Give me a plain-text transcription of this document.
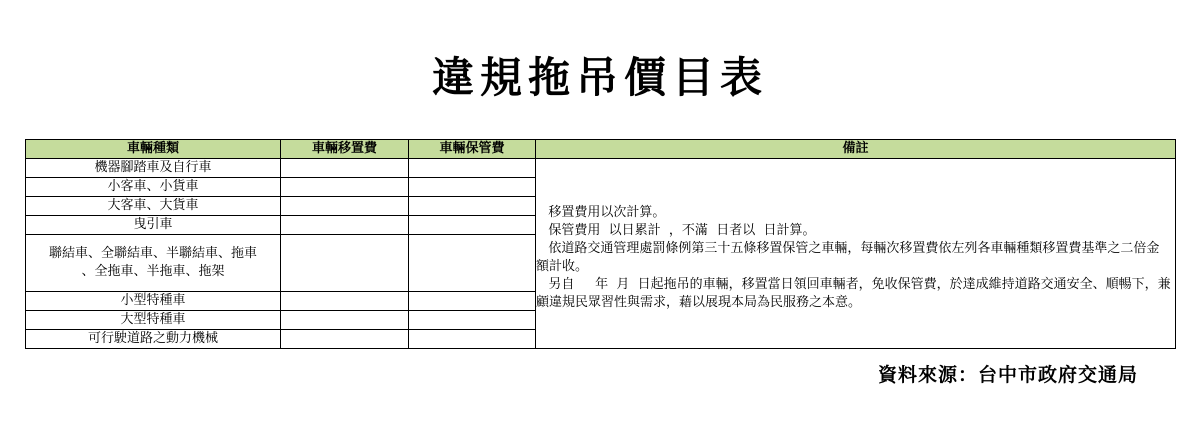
違規拖吊價目表
車輛種類	車輛移置費	車輛保管費	備註
機器腳踏車及自行車			移置費用以次計算。
保管費用  以日累計  ，不滿  日者以  日計算。
依道路交通管理處罰條例第三十五條移置保管之車輛，每輛次移置費依左列各車輛種類移置費基準之二倍金額計收。
另自     年  月  日起拖吊的車輛，移置當日領回車輛者，免收保管費，於達成維持道路交通安全、順暢下，兼顧違規民眾習性與需求，藉以展現本局為民服務之本意。

小客車、小貨車			
大客車、大貨車			
曳引車			
聯結車、全聯結車、半聯結車、拖車
、全拖車、半拖車、拖架			
小型特種車			
大型特種車			
可行駛道路之動力機械			
資料來源：台中市政府交通局
